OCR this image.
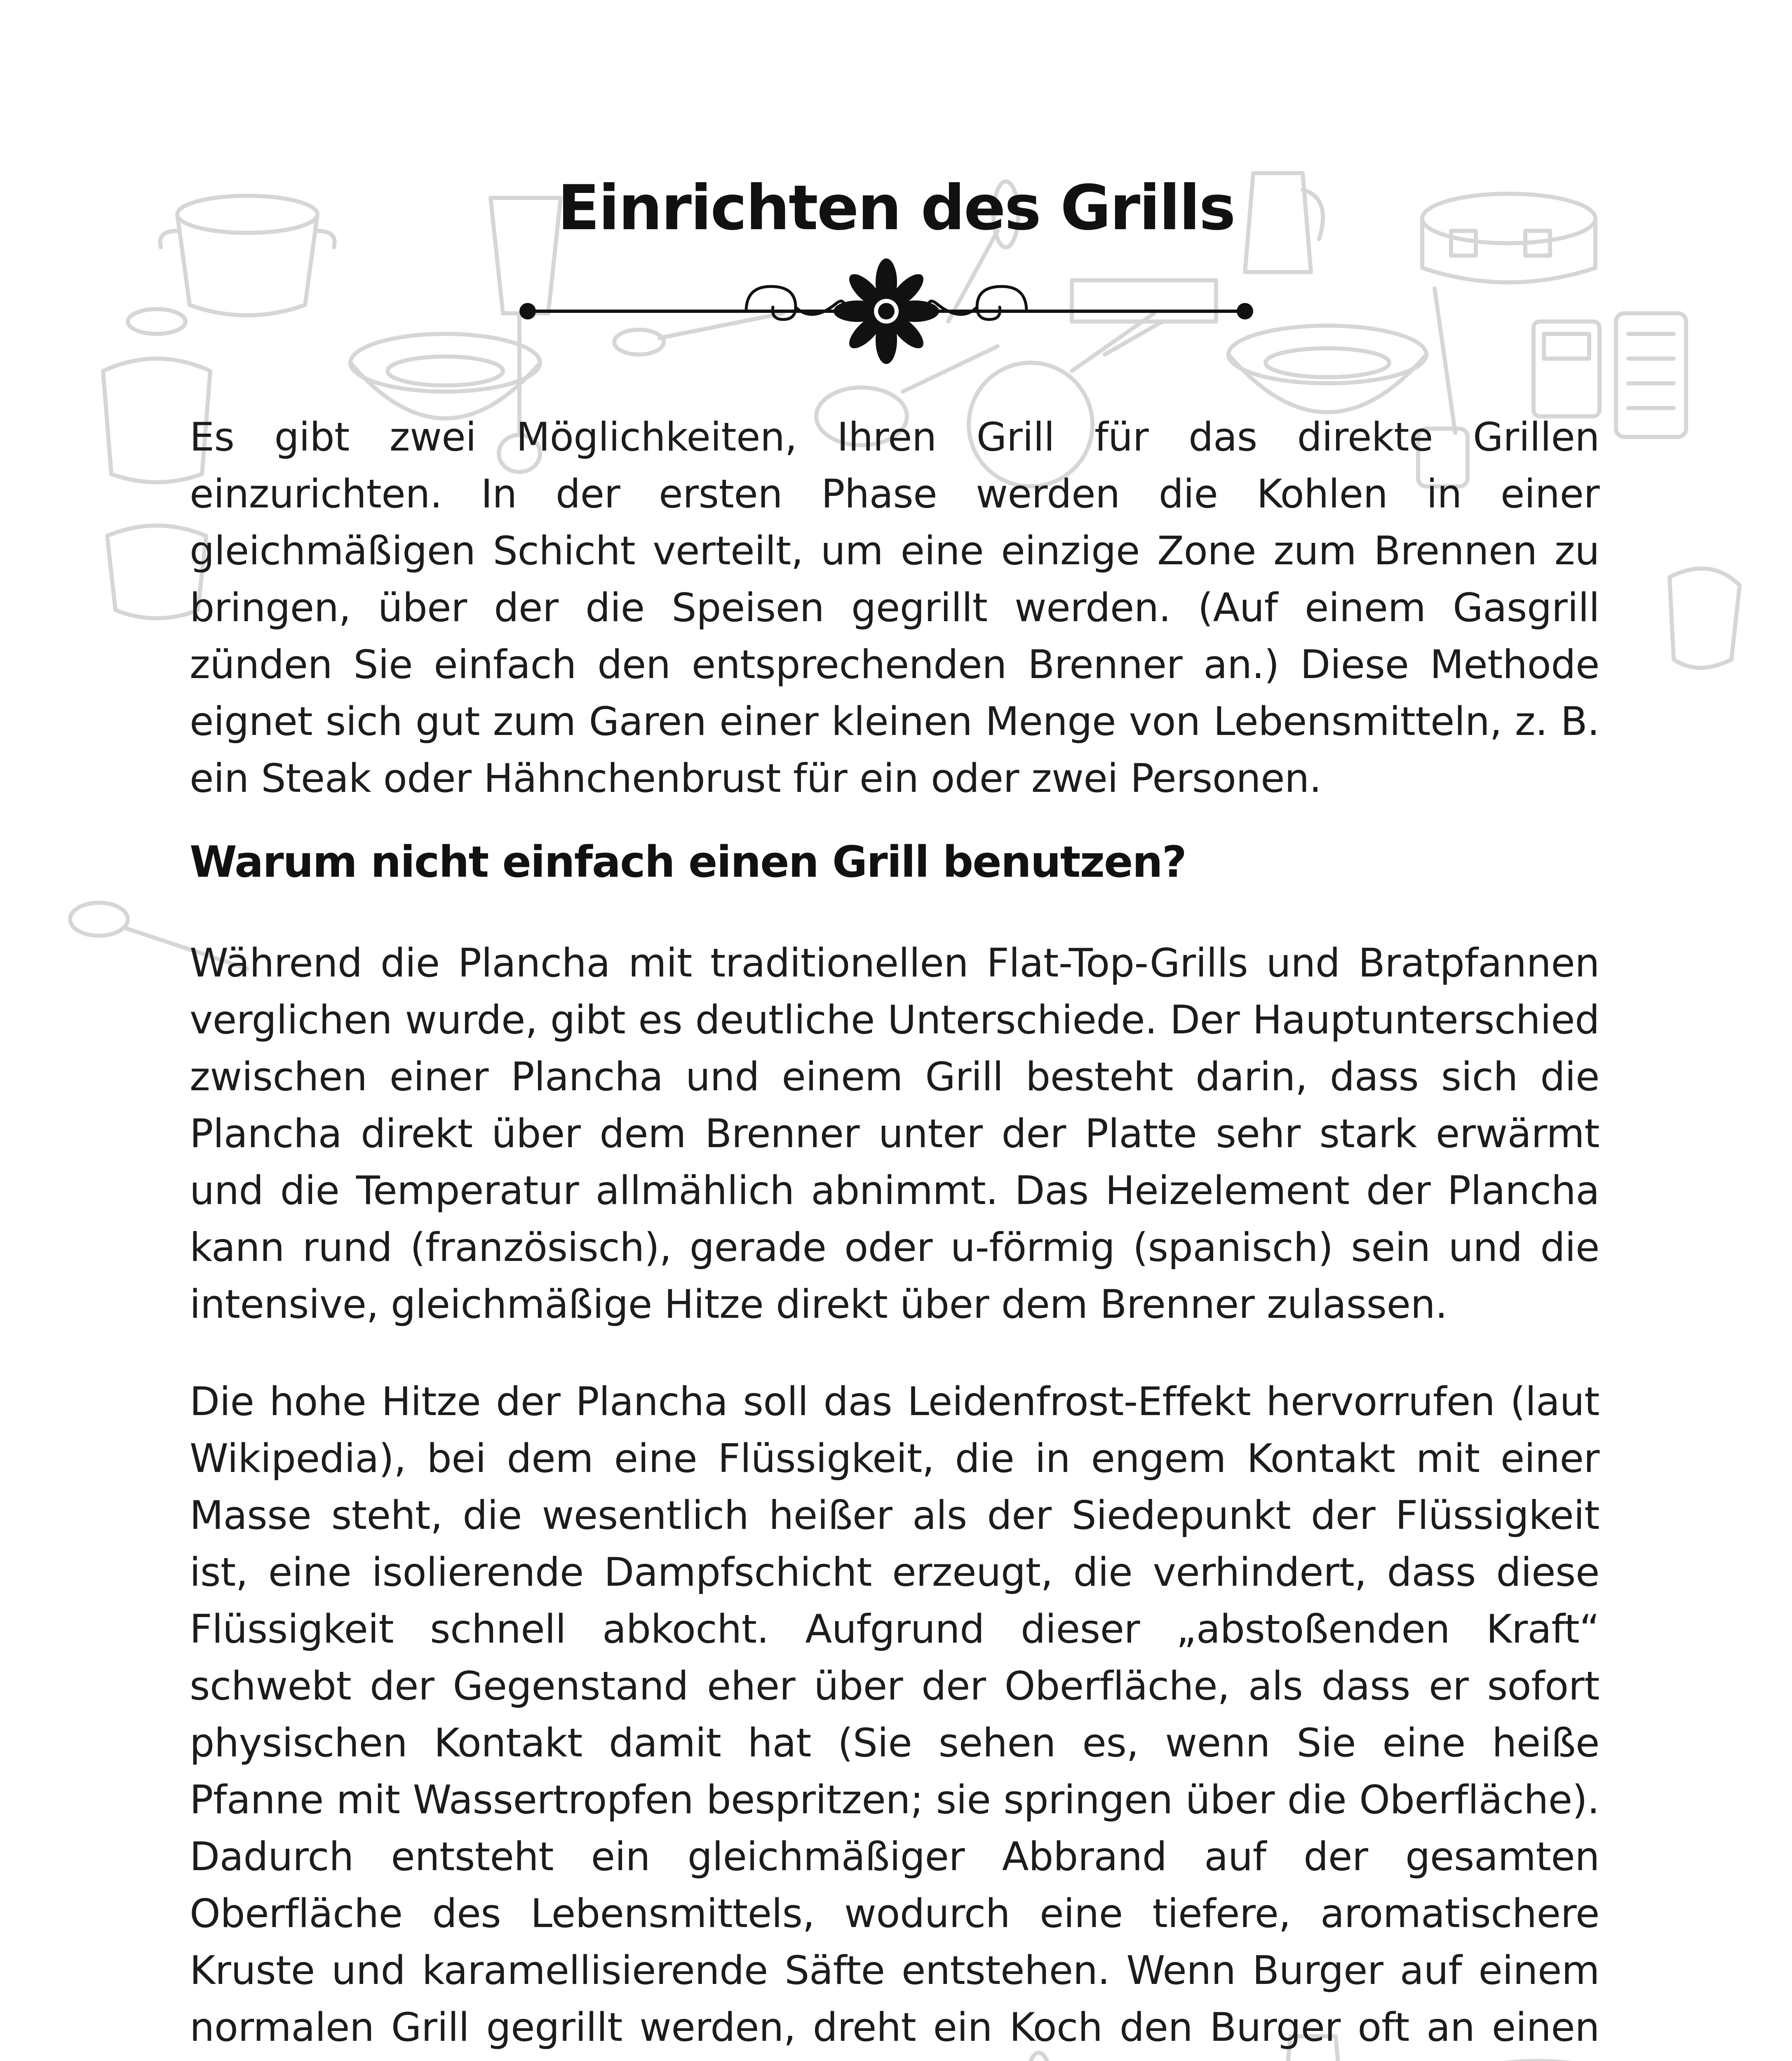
Einrichten des Grills
Es gibt zwei Möglichkeiten, Ihren Grill für das direkte Grillen einzurichten. In der ersten Phase werden die Kohlen in einer gleichmäßigen Schicht verteilt, um eine einzige Zone zum Brennen zu bringen, über der die Speisen gegrillt werden. (Auf einem Gasgrill zünden Sie einfach den entsprechenden Brenner an.) Diese Methode eignet sich gut zum Garen einer kleinen Menge von Lebensmitteln, z. B. ein Steak oder Hähnchenbrust für ein oder zwei Personen.
Warum nicht einfach einen Grill benutzen?
Während die Plancha mit traditionellen Flat-Top-Grills und Bratpfannen verglichen wurde, gibt es deutliche Unterschiede. Der Hauptunterschied zwischen einer Plancha und einem Grill besteht darin, dass sich die Plancha direkt über dem Brenner unter der Platte sehr stark erwärmt und die Temperatur allmählich abnimmt. Das Heizelement der Plancha kann rund (französisch), gerade oder u-förmig (spanisch) sein und die intensive, gleichmäßige Hitze direkt über dem Brenner zulassen.
Die hohe Hitze der Plancha soll das Leidenfrost-Effekt hervorrufen (laut Wikipedia), bei dem eine Flüssigkeit, die in engem Kontakt mit einer Masse steht, die wesentlich heißer als der Siedepunkt der Flüssigkeit ist, eine isolierende Dampfschicht erzeugt, die verhindert, dass diese Flüssigkeit schnell abkocht. Aufgrund dieser „abstoßenden Kraft“ schwebt der Gegenstand eher über der Oberfläche, als dass er sofort physischen Kontakt damit hat (Sie sehen es, wenn Sie eine heiße Pfanne mit Wassertropfen bespritzen; sie springen über die Oberfläche). Dadurch entsteht ein gleichmäßiger Abbrand auf der gesamten Oberfläche des Lebensmittels, wodurch eine tiefere, aromatischere Kruste und karamellisierende Säfte entstehen. Wenn Burger auf einem normalen Grill gegrillt werden, dreht ein Koch den Burger oft an einen
